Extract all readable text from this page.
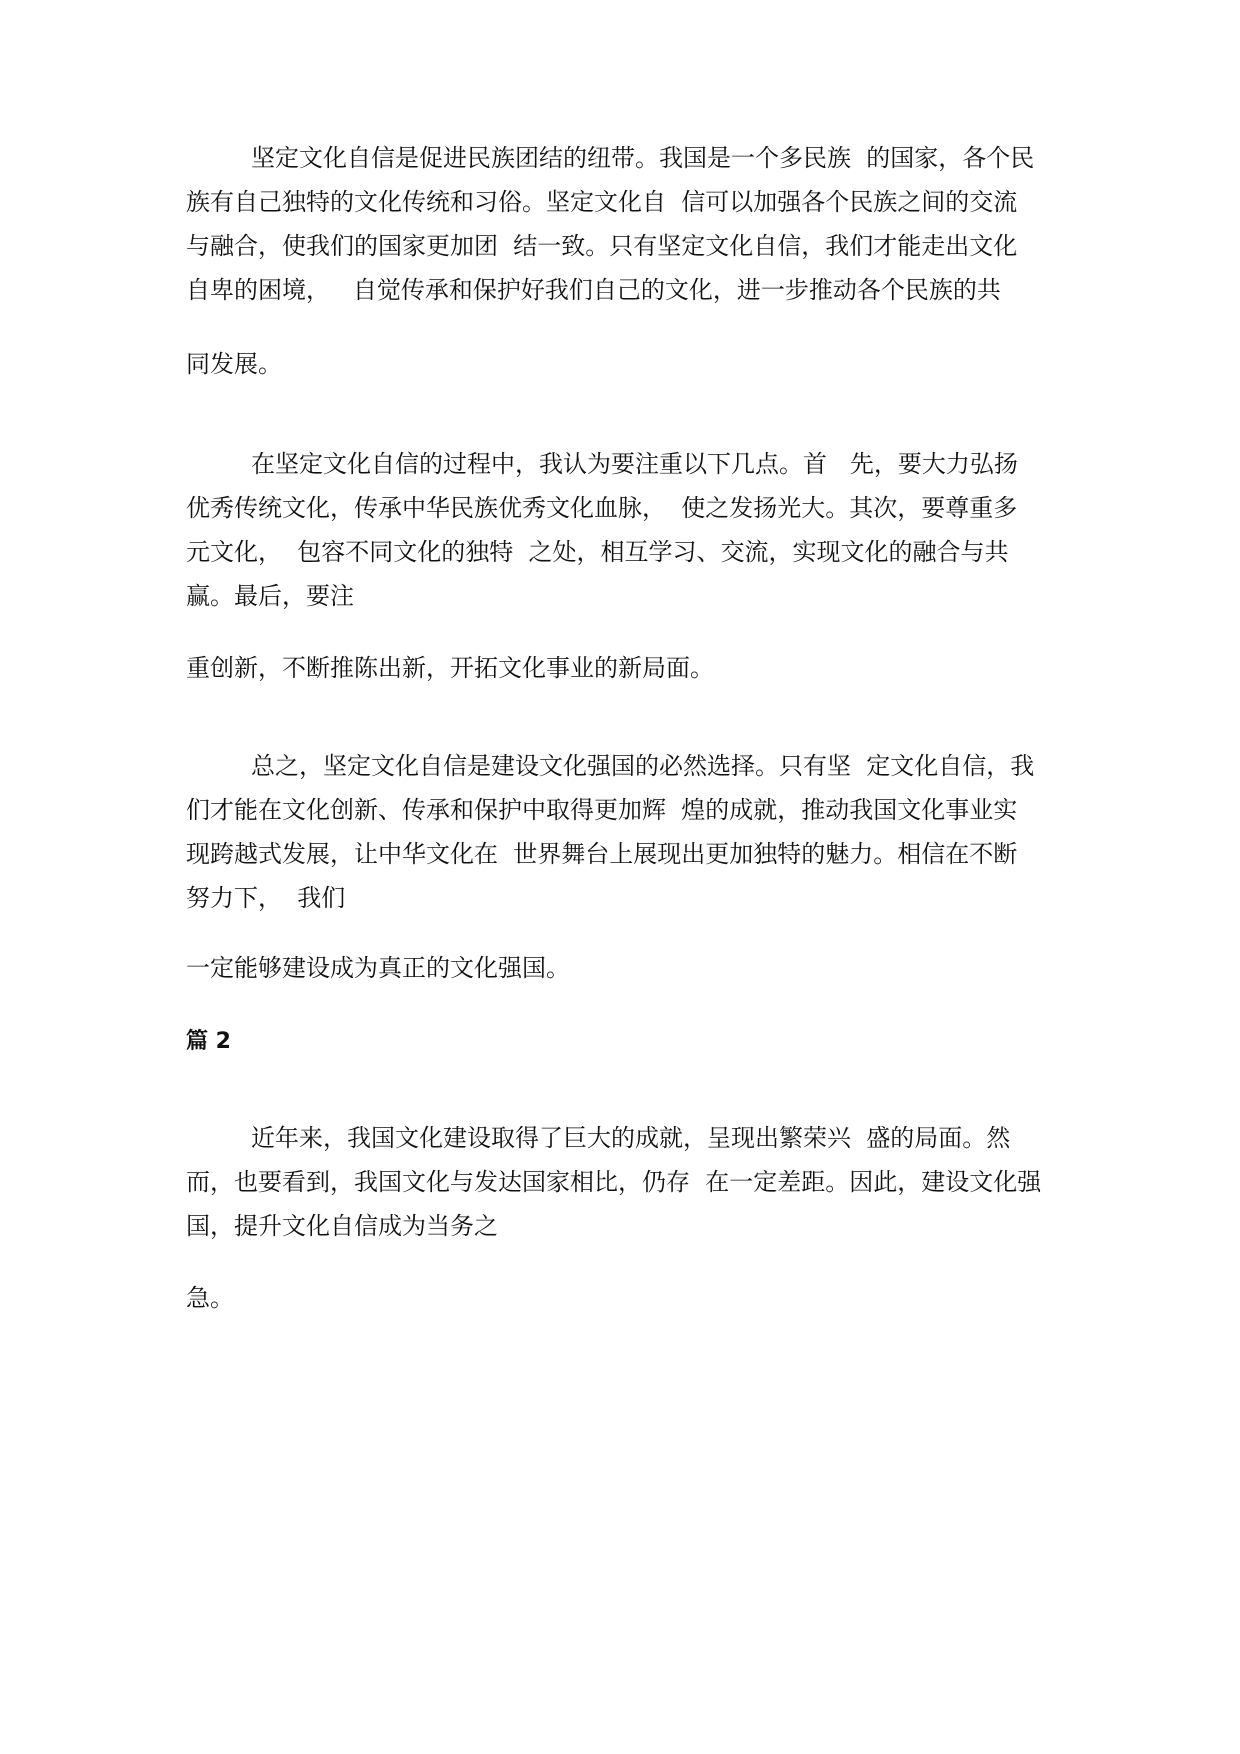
坚定文化自信是促进民族团结的纽带。我国是一个多民族  的国家，各个民

族有自己独特的文化传统和习俗。坚定文化自  信可以加强各个民族之间的交流

与融合，使我们的国家更加团  结一致。只有坚定文化自信，我们才能走出文化

自卑的困境，   自觉传承和保护好我们自己的文化，进一步推动各个民族的共

同发展。

在坚定文化自信的过程中，我认为要注重以下几点。首   先，要大力弘扬

优秀传统文化，传承中华民族优秀文化血脉，  使之发扬光大。其次，要尊重多

元文化，  包容不同文化的独特  之处，相互学习、交流，实现文化的融合与共

赢。最后，要注

重创新，不断推陈出新，开拓文化事业的新局面。

总之，坚定文化自信是建设文化强国的必然选择。只有坚  定文化自信，我

们才能在文化创新、传承和保护中取得更加辉  煌的成就，推动我国文化事业实

现跨越式发展，让中华文化在  世界舞台上展现出更加独特的魅力。相信在不断

努力下，  我们

一定能够建设成为真正的文化强国。

篇 2

近年来，我国文化建设取得了巨大的成就，呈现出繁荣兴  盛的局面。然

而，也要看到，我国文化与发达国家相比，仍存  在一定差距。因此，建设文化强

国，提升文化自信成为当务之

急。
